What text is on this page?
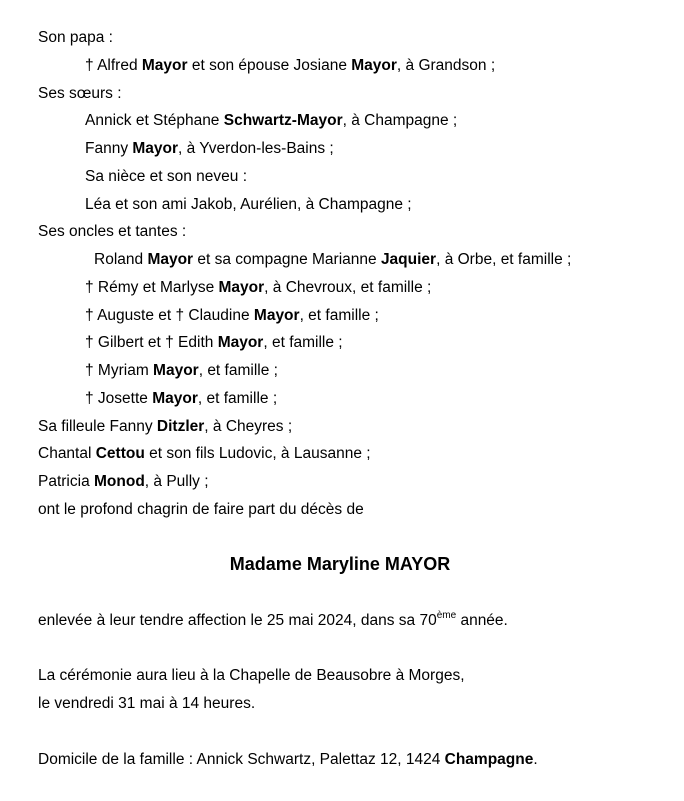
Son papa :
† Alfred Mayor et son épouse Josiane Mayor, à Grandson ;
Ses sœurs :
Annick et Stéphane Schwartz-Mayor, à Champagne ;
Fanny Mayor, à Yverdon-les-Bains ;
Sa nièce et son neveu :
Léa et son ami Jakob, Aurélien, à Champagne ;
Ses oncles et tantes :
Roland Mayor et sa compagne Marianne Jaquier, à Orbe, et famille ;
† Rémy et Marlyse Mayor, à Chevroux, et famille ;
† Auguste et † Claudine Mayor, et famille ;
† Gilbert et † Edith Mayor, et famille ;
† Myriam Mayor, et famille ;
† Josette Mayor, et famille ;
Sa filleule Fanny Ditzler, à Cheyres ;
Chantal Cettou et son fils Ludovic, à Lausanne ;
Patricia Monod, à Pully ;
ont le profond chagrin de faire part du décès de
Madame Maryline MAYOR
enlevée à leur tendre affection le 25 mai 2024, dans sa 70ème année.
La cérémonie aura lieu à la Chapelle de Beausobre à Morges,
le vendredi 31 mai à 14 heures.
Domicile de la famille : Annick Schwartz, Palettaz 12, 1424 Champagne.
